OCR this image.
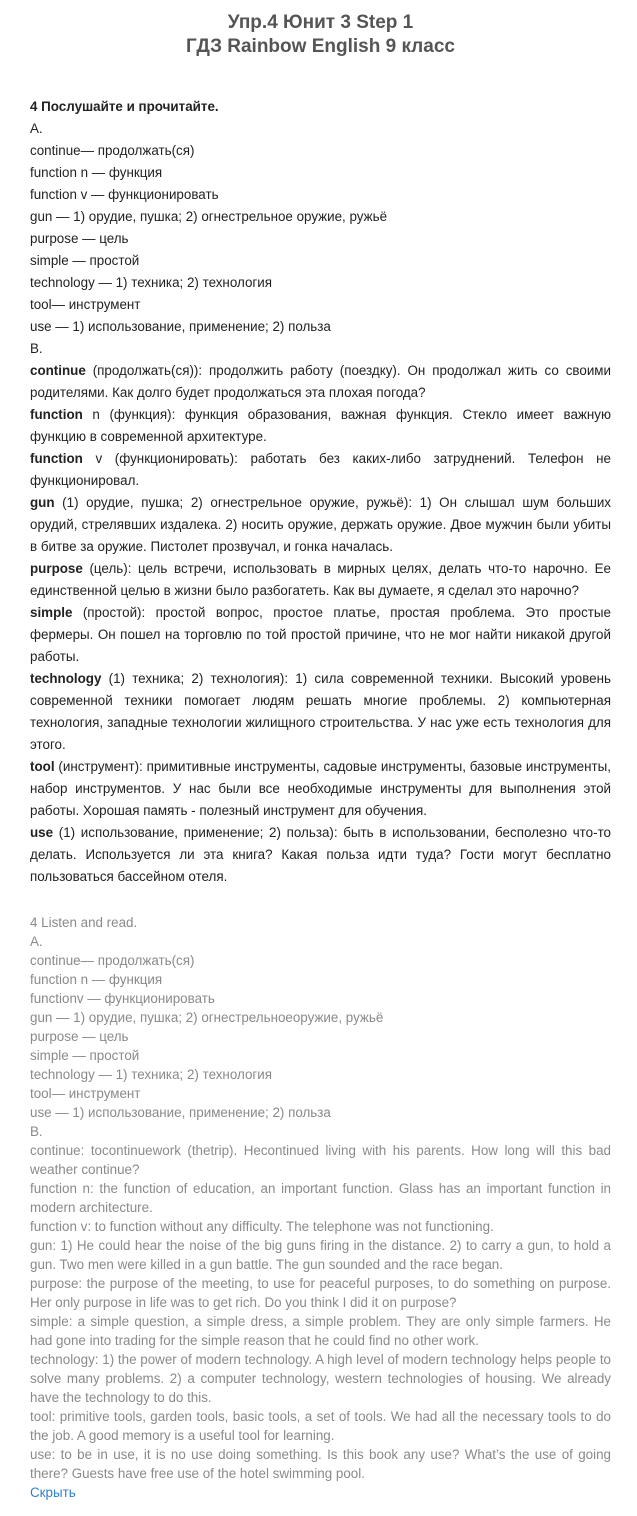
Упр.4 Юнит 3 Step 1
ГДЗ Rainbow English 9 класс
4 Послушайте и прочитайте.
A.
continue— продолжать(ся)
function n — функция
function v — функционировать
gun — 1) орудие, пушка; 2) огнестрельное оружие, ружьё
purpose — цель
simple — простой
technology — 1) техника; 2) технология
tool— инструмент
use — 1) использование, применение; 2) польза
B.
continue (продолжать(ся)): продолжить работу (поездку). Он продолжал жить со своими родителями. Как долго будет продолжаться эта плохая погода?
function n (функция): функция образования, важная функция. Стекло имеет важную функцию в современной архитектуре.
function v (функционировать): работать без каких-либо затруднений. Телефон не функционировал.
gun (1) орудие, пушка; 2) огнестрельное оружие, ружьё): 1) Он слышал шум больших орудий, стрелявших издалека. 2) носить оружие, держать оружие. Двое мужчин были убиты в битве за оружие. Пистолет прозвучал, и гонка началась.
purpose (цель): цель встречи, использовать в мирных целях, делать что-то нарочно. Ее единственной целью в жизни было разбогатеть. Как вы думаете, я сделал это нарочно?
simple (простой): простой вопрос, простое платье, простая проблема. Это простые фермеры. Он пошел на торговлю по той простой причине, что не мог найти никакой другой работы.
technology (1) техника; 2) технология): 1) сила современной техники. Высокий уровень современной техники помогает людям решать многие проблемы. 2) компьютерная технология, западные технологии жилищного строительства. У нас уже есть технология для этого.
tool (инструмент): примитивные инструменты, садовые инструменты, базовые инструменты, набор инструментов. У нас были все необходимые инструменты для выполнения этой работы. Хорошая память - полезный инструмент для обучения.
use (1) использование, применение; 2) польза): быть в использовании, бесполезно что-то делать. Используется ли эта книга? Какая польза идти туда? Гости могут бесплатно пользоваться бассейном отеля.
4 Listen and read.
A.
continue— продолжать(ся)
function n — функция
functionv — функционировать
gun — 1) орудие, пушка; 2) огнестрельноеоружие, ружьё
purpose — цель
simple — простой
technology — 1) техника; 2) технология
tool— инструмент
use — 1) использование, применение; 2) польза
B.
continue: tocontinuework (thetrip). Hecontinued living with his parents. How long will this bad weather continue?
function n: the function of education, an important function. Glass has an important function in modern architecture.
function v: to function without any difficulty. The telephone was not functioning.
gun: 1) He could hear the noise of the big guns firing in the distance. 2) to carry a gun, to hold a gun. Two men were killed in a gun battle. The gun sounded and the race began.
purpose: the purpose of the meeting, to use for peaceful purposes, to do something on purpose. Her only purpose in life was to get rich. Do you think I did it on purpose?
simple: a simple question, a simple dress, a simple problem. They are only simple farmers. He had gone into trading for the simple reason that he could find no other work.
technology: 1) the power of modern technology. A high level of modern technology helps people to solve many problems. 2) a computer technology, western technologies of housing. We already have the technology to do this.
tool: primitive tools, garden tools, basic tools, a set of tools. We had all the necessary tools to do the job. A good memory is a useful tool for learning.
use: to be in use, it is no use doing something. Is this book any use? What’s the use of going there? Guests have free use of the hotel swimming pool.
Скрыть
